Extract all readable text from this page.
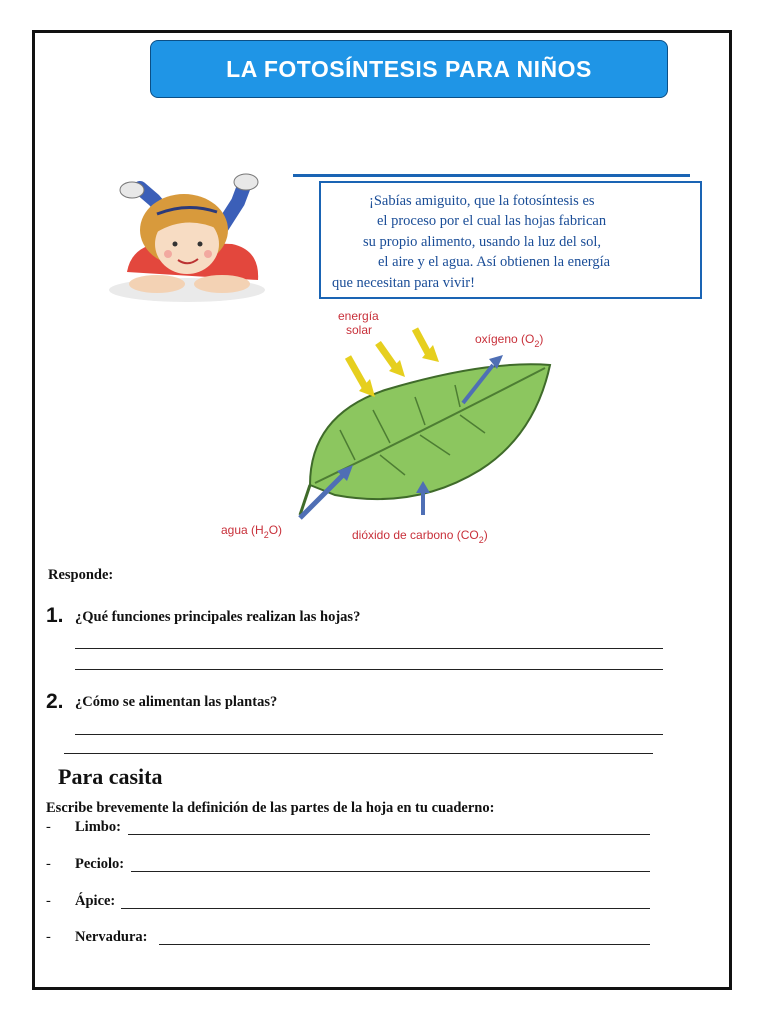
LA FOTOSÍNTESIS PARA NIÑOS
¡Sabías amiguito, que la fotosíntesis es
el proceso por el cual las hojas fabrican
su propio alimento, usando la luz del sol,
el aire y el agua. Así obtienen la energía
que necesitan para vivir!
energía
solar
oxígeno $(O_2)$
agua $(H_2O)$	dióxido de carbono $(CO_2)$
Responde:
1. ¿Qué funciones principales realizan las hojas?
2. ¿Cómo se alimentan las plantas?
Para casita
Escribe brevemente la definición de las partes de la hoja en tu cuaderno:
- Limbo:
- Peciolo:
- Ápice:
- Nervadura:
